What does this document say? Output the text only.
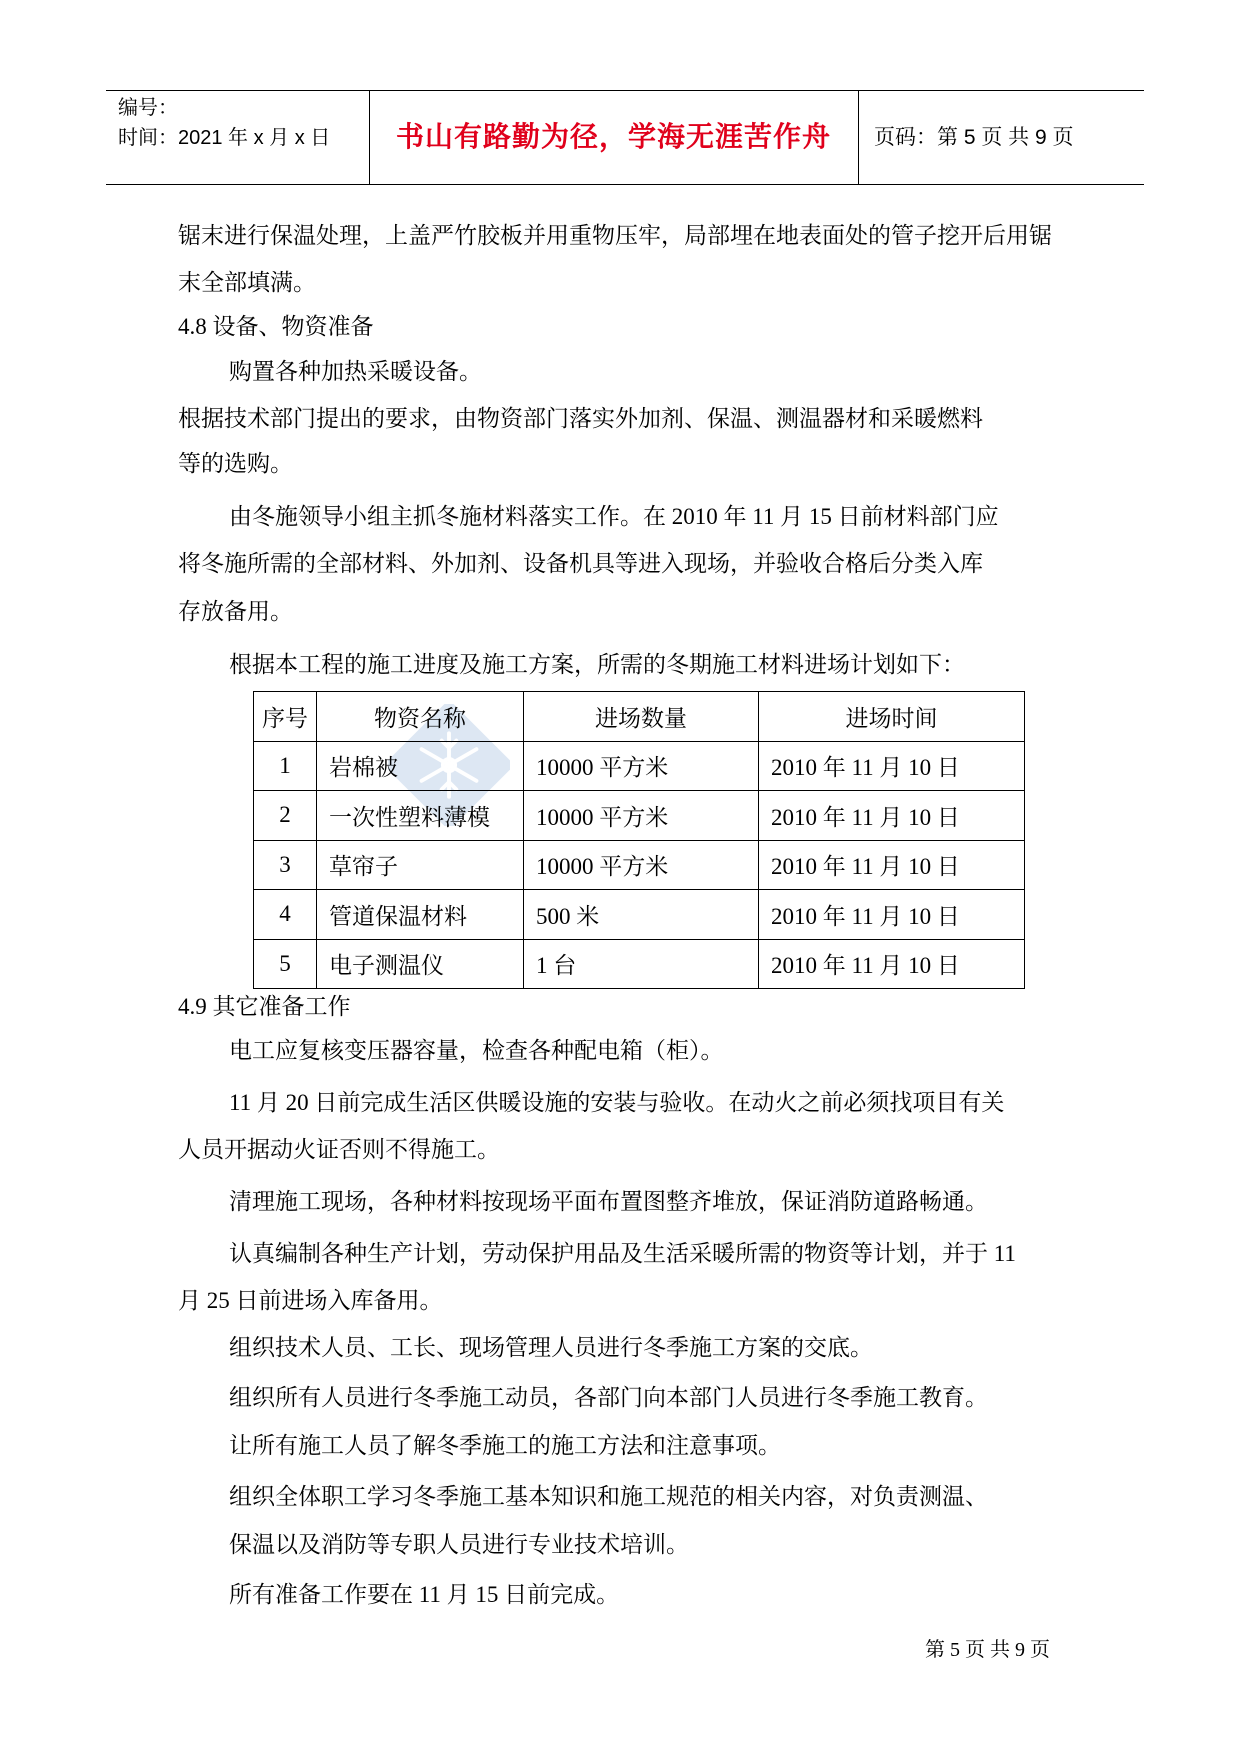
编号：
时间：2021 年 x 月 x 日	书山有路勤为径，学海无涯苦作舟	页码：第 5 页 共 9 页
锯末进行保温处理，上盖严竹胶板并用重物压牢，局部埋在地表面处的管子挖开后用锯
末全部填满。
4.8 设备、物资准备
购置各种加热采暖设备。
根据技术部门提出的要求，由物资部门落实外加剂、保温、测温器材和采暖燃料
等的选购。
由冬施领导小组主抓冬施材料落实工作。在 2010 年 11 月 15 日前材料部门应
将冬施所需的全部材料、外加剂、设备机具等进入现场，并验收合格后分类入库
存放备用。
根据本工程的施工进度及施工方案，所需的冬期施工材料进场计划如下：
序号	物资名称	进场数量	进场时间
1	岩棉被	10000 平方米	2010 年 11 月 10 日
2	一次性塑料薄模	10000 平方米	2010 年 11 月 10 日
3	草帘子	10000 平方米	2010 年 11 月 10 日
4	管道保温材料	500 米	2010 年 11 月 10 日
5	电子测温仪	1 台	2010 年 11 月 10 日
4.9 其它准备工作
电工应复核变压器容量，检查各种配电箱（柜）。
11 月 20 日前完成生活区供暖设施的安装与验收。在动火之前必须找项目有关
人员开据动火证否则不得施工。
清理施工现场，各种材料按现场平面布置图整齐堆放，保证消防道路畅通。
认真编制各种生产计划，劳动保护用品及生活采暖所需的物资等计划，并于 11
月 25 日前进场入库备用。
组织技术人员、工长、现场管理人员进行冬季施工方案的交底。
组织所有人员进行冬季施工动员，各部门向本部门人员进行冬季施工教育。
让所有施工人员了解冬季施工的施工方法和注意事项。
组织全体职工学习冬季施工基本知识和施工规范的相关内容，对负责测温、
保温以及消防等专职人员进行专业技术培训。
所有准备工作要在 11 月 15 日前完成。
第 5 页 共 9 页
